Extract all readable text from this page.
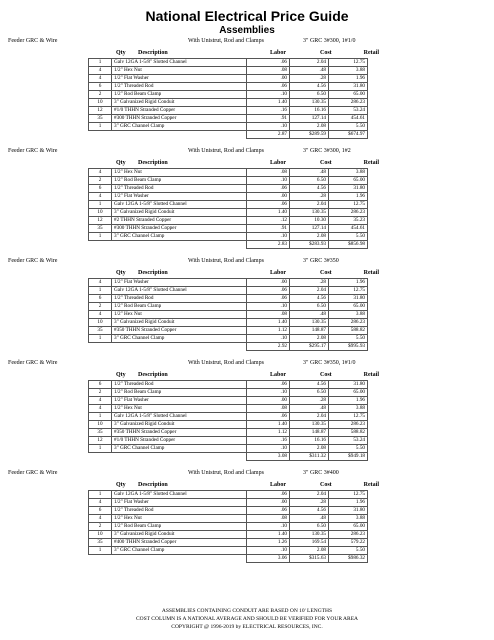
National Electrical Price Guide
Assemblies
Feeder GRC & Wire	With Unistrut, Rod and Clamps	3" GRC 3#300, 1#1/0
Qty	Description	Labor	Cost	Retail
1	Galv 12GA 1-5/8" Slotted Channel	.06	2.04	12.75
4	1/2" Hex Nut	.08	.48	3.88
4	1/2" Flat Washer	.00	.28	1.96
6	1/2" Threaded Rod	.06	4.56	31.80
2	1/2" Rod Beam Clamp	.10	6.50	65.00
10	3" Galvanized Rigid Conduit	1.40	130.35	286.23
12	#1/0 THHN Stranded Copper	.16	16.16	53.24
35	#300 THHN Stranded Copper	.91	127.14	454.61
1	3" GRC Channel Clamp	.10	2.08	5.50
		2.87	$289.59	$674.97
Feeder GRC & Wire	With Unistrut, Rod and Clamps	3" GRC 3#300, 1#2
Qty	Description	Labor	Cost	Retail
4	1/2" Hex Nut	.08	.48	3.88
2	1/2" Rod Beam Clamp	.10	6.50	65.00
6	1/2" Threaded Rod	.06	4.56	31.80
4	1/2" Flat Washer	.00	.28	1.96
1	Galv 12GA 1-5/8" Slotted Channel	.06	2.04	12.75
10	3" Galvanized Rigid Conduit	1.40	130.35	286.23
12	#2 THHN Stranded Copper	.12	10.30	35.23
35	#300 THHN Stranded Copper	.91	127.14	454.61
1	3" GRC Channel Clamp	.10	2.08	5.50
		2.83	$283.93	$856.98
Feeder GRC & Wire	With Unistrut, Rod and Clamps	3" GRC 3#350
Qty	Description	Labor	Cost	Retail
4	1/2" Flat Washer	.00	.28	1.96
1	Galv 12GA 1-5/8" Slotted Channel	.06	2.04	12.75
6	1/2" Threaded Rod	.06	4.56	31.80
2	1/2" Rod Beam Clamp	.10	6.50	65.00
4	1/2" Hex Nut	.08	.48	3.88
10	3" Galvanized Rigid Conduit	1.40	130.35	286.23
35	#350 THHN Stranded Copper	1.12	148.87	588.82
1	3" GRC Channel Clamp	.10	2.08	5.50
		2.92	$295.17	$995.93
Feeder GRC & Wire	With Unistrut, Rod and Clamps	3" GRC 3#350, 1#1/0
Qty	Description	Labor	Cost	Retail
6	1/2" Threaded Rod	.06	4.56	31.80
2	1/2" Rod Beam Clamp	.10	6.50	65.00
4	1/2" Flat Washer	.00	.28	1.96
4	1/2" Hex Nut	.08	.48	3.88
1	Galv 12GA 1-5/8" Slotted Channel	.06	2.04	12.75
10	3" Galvanized Rigid Conduit	1.40	130.35	286.23
35	#350 THHN Stranded Copper	1.12	148.87	588.82
12	#1/0 THHN Stranded Copper	.16	16.16	53.24
1	3" GRC Channel Clamp	.10	2.08	5.50
		3.08	$311.32	$949.18
Feeder GRC & Wire	With Unistrut, Rod and Clamps	3" GRC 3#400
Qty	Description	Labor	Cost	Retail
1	Galv 12GA 1-5/8" Slotted Channel	.06	2.04	12.75
4	1/2" Flat Washer	.00	.28	1.96
6	1/2" Threaded Rod	.06	4.56	31.80
4	1/2" Hex Nut	.08	.48	3.88
2	1/2" Rod Beam Clamp	.10	6.50	65.00
10	3" Galvanized Rigid Conduit	1.40	130.35	286.23
35	#400 THHN Stranded Copper	1.26	169.54	579.22
1	3" GRC Channel Clamp	.10	2.08	5.50
		3.06	$315.63	$986.32
ASSEMBLIES CONTAINING CONDUIT ARE BASED ON 10' LENGTHS
COST COLUMN IS A NATIONAL AVERAGE AND SHOULD BE VERIFIED FOR YOUR AREA
COPYRIGHT @ 1996-2019 by ELECTRICAL RESOURCES, INC.
